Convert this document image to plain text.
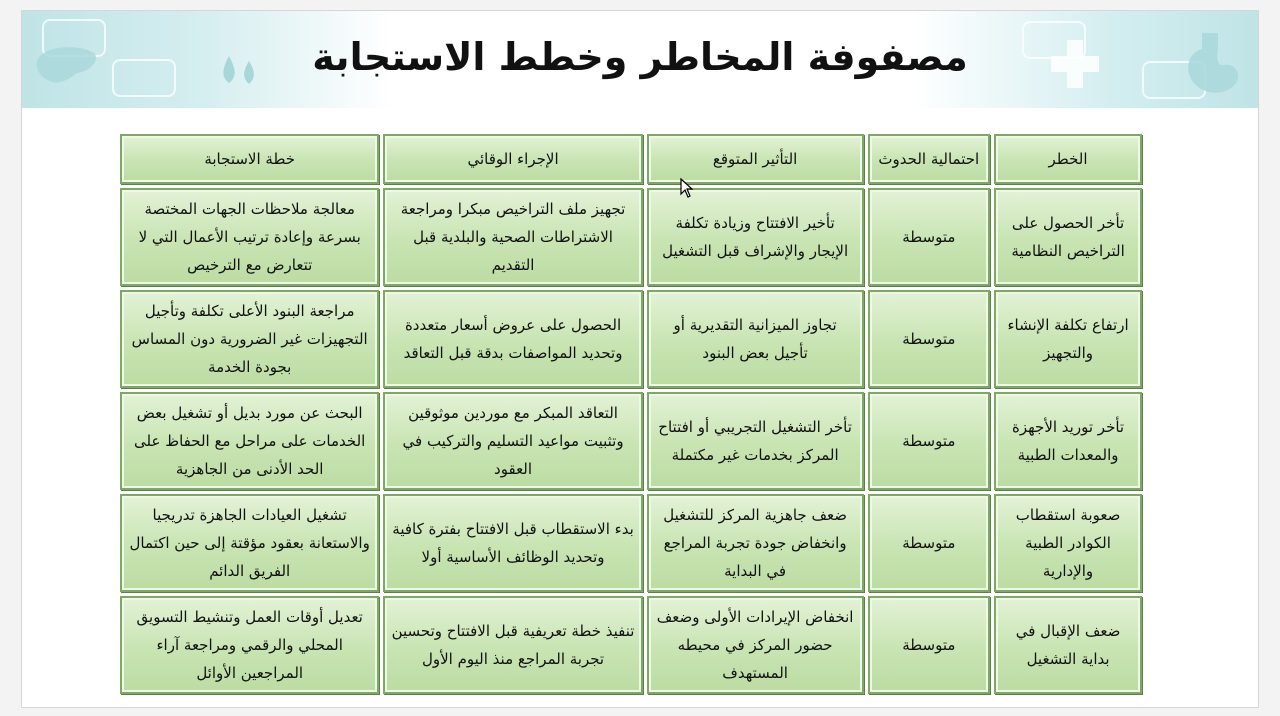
مصفوفة المخاطر وخطط الاستجابة
الخطر	احتمالية الحدوث	التأثير المتوقع	الإجراء الوقائي	خطة الاستجابة
تأخر الحصول على التراخيص النظامية	متوسطة	تأخير الافتتاح وزيادة تكلفة الإيجار والإشراف قبل التشغيل	تجهيز ملف التراخيص مبكرا ومراجعة الاشتراطات الصحية والبلدية قبل التقديم	معالجة ملاحظات الجهات المختصة بسرعة وإعادة ترتيب الأعمال التي لا تتعارض مع الترخيص
ارتفاع تكلفة الإنشاء والتجهيز	متوسطة	تجاوز الميزانية التقديرية أو تأجيل بعض البنود	الحصول على عروض أسعار متعددة وتحديد المواصفات بدقة قبل التعاقد	مراجعة البنود الأعلى تكلفة وتأجيل التجهيزات غير الضرورية دون المساس بجودة الخدمة
تأخر توريد الأجهزة والمعدات الطبية	متوسطة	تأخر التشغيل التجريبي أو افتتاح المركز بخدمات غير مكتملة	التعاقد المبكر مع موردين موثوقين وتثبيت مواعيد التسليم والتركيب في العقود	البحث عن مورد بديل أو تشغيل بعض الخدمات على مراحل مع الحفاظ على الحد الأدنى من الجاهزية
صعوبة استقطاب الكوادر الطبية والإدارية	متوسطة	ضعف جاهزية المركز للتشغيل وانخفاض جودة تجربة المراجع في البداية	بدء الاستقطاب قبل الافتتاح بفترة كافية وتحديد الوظائف الأساسية أولا	تشغيل العيادات الجاهزة تدريجيا والاستعانة بعقود مؤقتة إلى حين اكتمال الفريق الدائم
ضعف الإقبال في بداية التشغيل	متوسطة	انخفاض الإيرادات الأولى وضعف حضور المركز في محيطه المستهدف	تنفيذ خطة تعريفية قبل الافتتاح وتحسين تجربة المراجع منذ اليوم الأول	تعديل أوقات العمل وتنشيط التسويق المحلي والرقمي ومراجعة آراء المراجعين الأوائل
